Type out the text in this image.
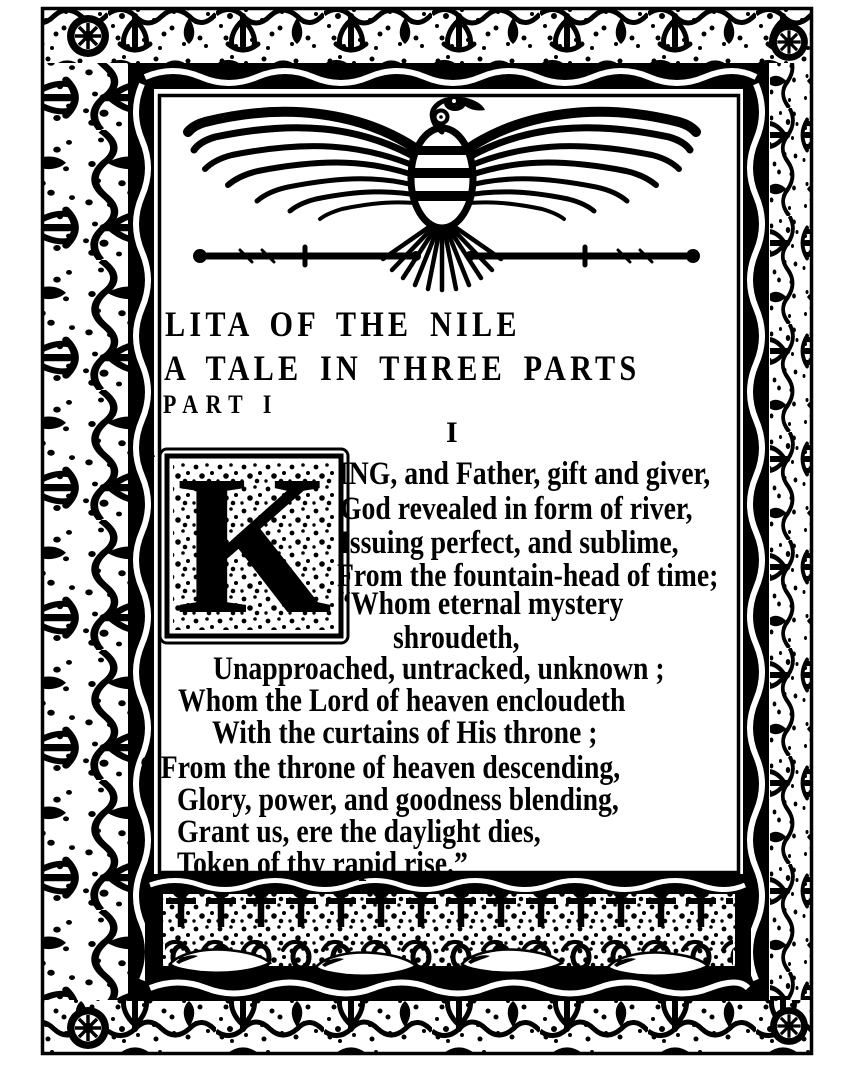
K
LITA OF THE NILE
A TALE IN THREE PARTS
PART I
I
“	ING, and Father, gift and giver,
God revealed in form of river,
Issuing perfect, and sublime,
From the fountain-head of time;
“Whom eternal mystery
shroudeth,
Unapproached, untracked, unknown ;
Whom the Lord of heaven encloudeth
With the curtains of His throne ;
“ From the throne of heaven descending,
Glory, power, and goodness blending,
Grant us, ere the daylight dies,
Token of thy rapid rise.”
